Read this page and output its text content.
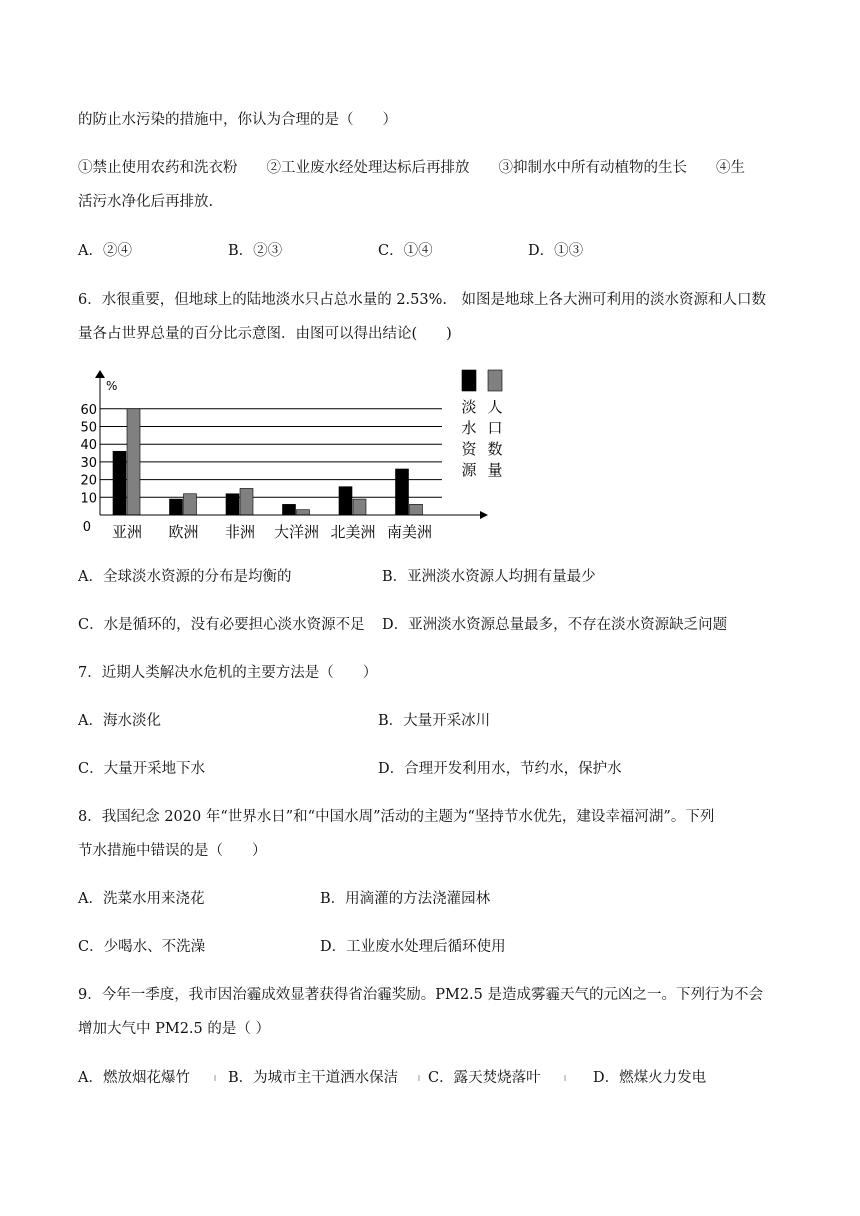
的防止水污染的措施中，你认为合理的是（　　）
①禁止使用农药和洗衣粉　　②工业废水经处理达标后再排放　　③抑制水中所有动植物的生长　　④生
活污水净化后再排放.
A．②④	B．②③	C．①④	D．①③
6．水很重要，但地球上的陆地淡水只占总水量的 2.53%.　如图是地球上各大洲可利用的淡水资源和人口数
量各占世界总量的百分比示意图．由图可以得出结论(　　)
0
10
20
30
40
50
60
亚洲 欧洲 非洲 大洋洲 北美洲 南美洲
%
淡
水
资
源
人
口
数
量
A．全球淡水资源的分布是均衡的	B．亚洲淡水资源人均拥有量最少
C．水是循环的，没有必要担心淡水资源不足 D．亚洲淡水资源总量最多，不存在淡水资源缺乏问题
7．近期人类解决水危机的主要方法是（　　）
A．海水淡化	B．大量开采冰川
C．大量开采地下水	D．合理开发利用水，节约水，保护水
8．我国纪念 2020 年“世界水日”和“中国水周”活动的主题为“坚持节水优先，建设幸福河湖”。下列
节水措施中错误的是（　　）
A．洗菜水用来浇花	B．用滴灌的方法浇灌园林
C．少喝水、不洗澡	D．工业废水处理后循环使用
9．今年一季度，我市因治霾成效显著获得省治霾奖励。PM2.5 是造成雾霾天气的元凶之一。下列行为不会
增加大气中 PM2.5 的是（ ）
A．燃放烟花爆竹	B．为城市主干道洒水保洁 C．露天焚烧落叶	D．燃煤火力发电
